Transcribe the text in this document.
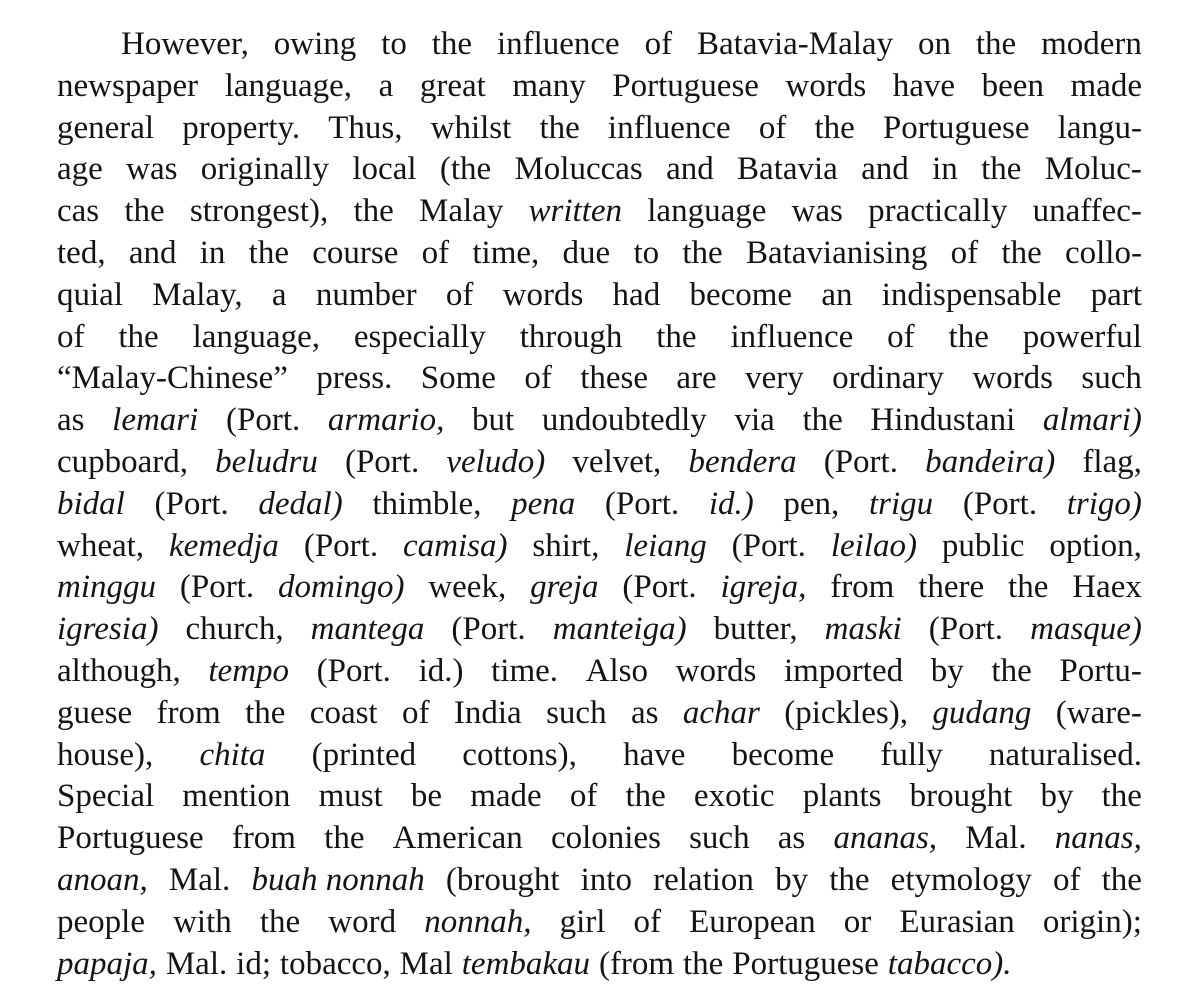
However, owing to the influence of Batavia-Malay on the modern
newspaper language, a great many Portuguese words have been made
general property. Thus, whilst the influence of the Portuguese langu-
age was originally local (the Moluccas and Batavia and in the Moluc-
cas the strongest), the Malay written language was practically unaffec-
ted, and in the course of time, due to the Batavianising of the collo-
quial Malay, a number of words had become an indispensable part
of the language, especially through the influence of the powerful
“Malay-Chinese” press. Some of these are very ordinary words such
as lemari (Port. armario, but undoubtedly via the Hindustani almari)
cupboard, beludru (Port. veludo) velvet, bendera (Port. bandeira) flag,
bidal (Port. dedal) thimble, pena (Port. id.) pen, trigu (Port. trigo)
wheat, kemedja (Port. camisa) shirt, leiang (Port. leilao) public option,
minggu (Port. domingo) week, greja (Port. igreja, from there the Haex
igresia) church, mantega (Port. manteiga) butter, maski (Port. masque)
although, tempo (Port. id.) time. Also words imported by the Portu-
guese from the coast of India such as achar (pickles), gudang (ware-
house), chita (printed cottons), have become fully naturalised.
Special mention must be made of the exotic plants brought by the
Portuguese from the American colonies such as ananas, Mal. nanas,
anoan, Mal. buah nonnah (brought into relation by the etymology of the
people with the word nonnah, girl of European or Eurasian origin);
papaja, Mal. id; tobacco, Mal tembakau (from the Portuguese tabacco).
